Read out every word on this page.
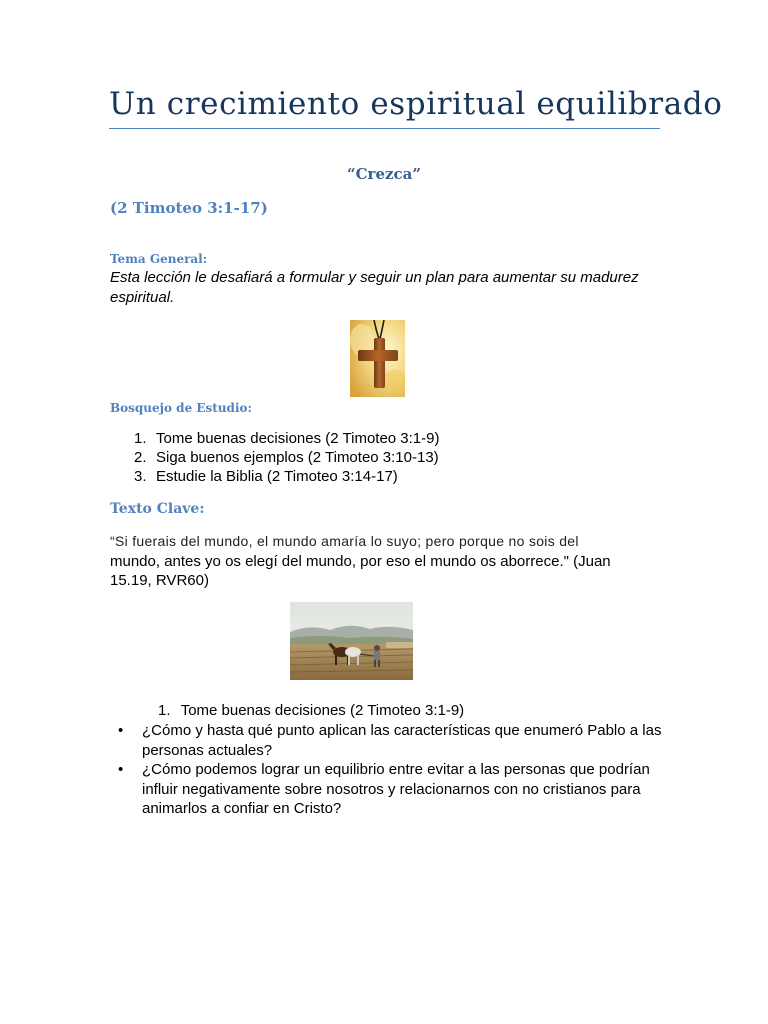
Un crecimiento espiritual equilibrado
“Crezca”
(2 Timoteo 3:1-17)
Tema General:
Esta lección le desafiará a formular y seguir un plan para aumentar su madurez espiritual.
Bosquejo de Estudio:
1. Tome buenas decisiones (2 Timoteo 3:1-9)
2. Siga buenos ejemplos (2 Timoteo 3:10-13)
3. Estudie la Biblia (2 Timoteo 3:14-17)
Texto Clave:
“Si fuerais del mundo, el mundo amaría lo suyo; pero porque no sois del
mundo, antes yo os elegí del mundo, por eso el mundo os aborrece." (Juan
15.19, RVR60)
1. Tome buenas decisiones (2 Timoteo 3:1-9)
• ¿Cómo y hasta qué punto aplican las características que enumeró Pablo a las personas actuales?
• ¿Cómo podemos lograr un equilibrio entre evitar a las personas que podrían influir negativamente sobre nosotros y relacionarnos con no cristianos para animarlos a confiar en Cristo?
